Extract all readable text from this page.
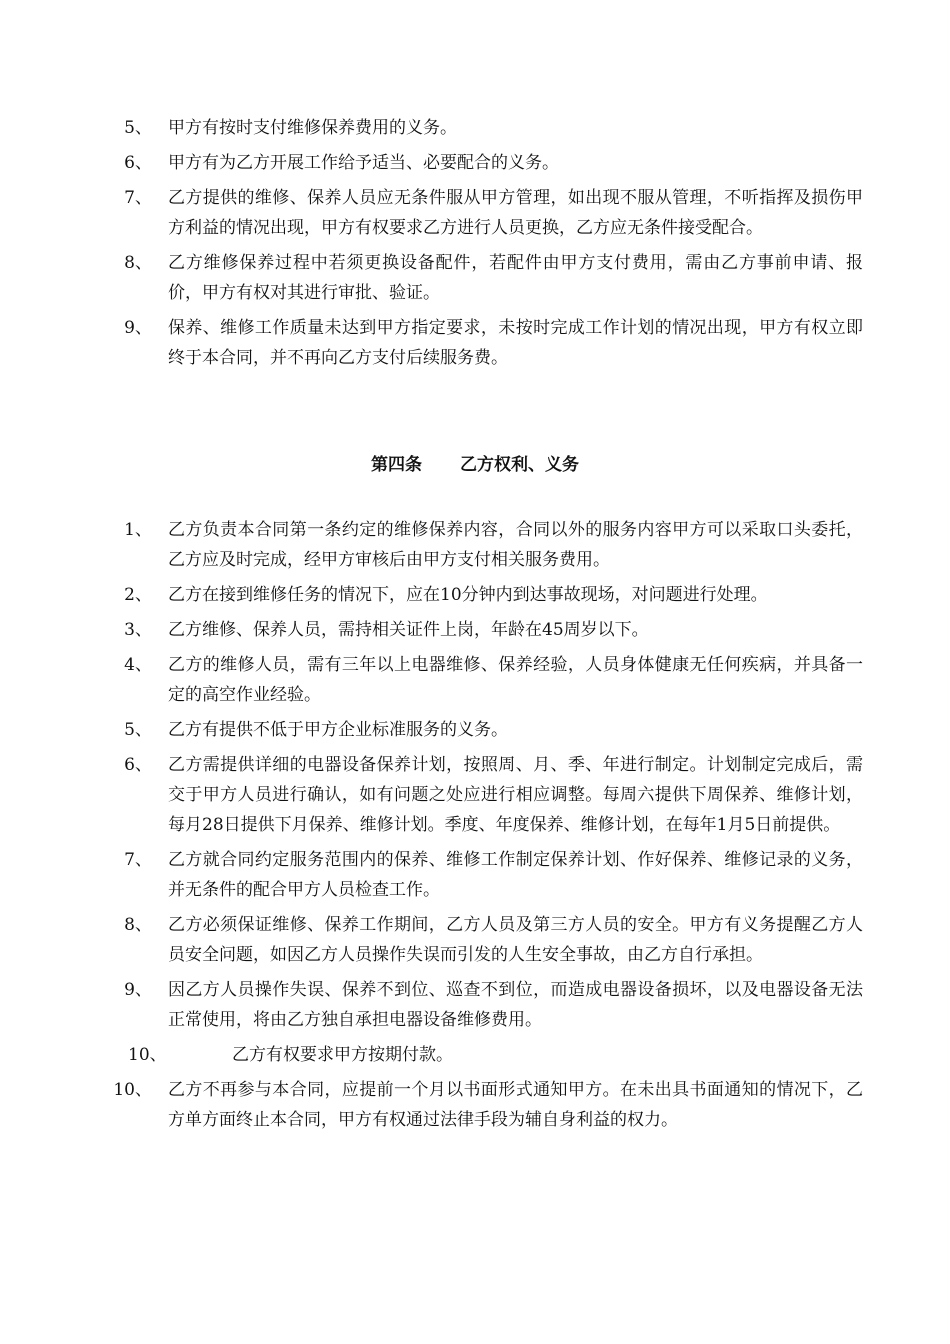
5、 甲方有按时支付维修保养费用的义务。
6、 甲方有为乙方开展工作给予适当、必要配合的义务。
7、 乙方提供的维修、保养人员应无条件服从甲方管理，如出现不服从管理，不听指挥及损伤甲方利益的情况出现，甲方有权要求乙方进行人员更换，乙方应无条件接受配合。
8、 乙方维修保养过程中若须更换设备配件，若配件由甲方支付费用，需由乙方事前申请、报价，甲方有权对其进行审批、验证。
9、 保养、维修工作质量未达到甲方指定要求，未按时完成工作计划的情况出现，甲方有权立即终于本合同，并不再向乙方支付后续服务费。
第四条 乙方权利、义务
1、 乙方负责本合同第一条约定的维修保养内容，合同以外的服务内容甲方可以采取口头委托，乙方应及时完成，经甲方审核后由甲方支付相关服务费用。
2、 乙方在接到维修任务的情况下，应在10分钟内到达事故现场，对问题进行处理。
3、 乙方维修、保养人员，需持相关证件上岗，年龄在45周岁以下。
4、 乙方的维修人员，需有三年以上电器维修、保养经验，人员身体健康无任何疾病，并具备一定的高空作业经验。
5、 乙方有提供不低于甲方企业标准服务的义务。
6、 乙方需提供详细的电器设备保养计划，按照周、月、季、年进行制定。计划制定完成后，需交于甲方人员进行确认，如有问题之处应进行相应调整。每周六提供下周保养、维修计划，每月28日提供下月保养、维修计划。季度、年度保养、维修计划，在每年1月5日前提供。
7、 乙方就合同约定服务范围内的保养、维修工作制定保养计划、作好保养、维修记录的义务，并无条件的配合甲方人员检查工作。
8、 乙方必须保证维修、保养工作期间，乙方人员及第三方人员的安全。甲方有义务提醒乙方人员安全问题，如因乙方人员操作失误而引发的人生安全事故，由乙方自行承担。
9、 因乙方人员操作失误、保养不到位、巡查不到位，而造成电器设备损坏，以及电器设备无法正常使用，将由乙方独自承担电器设备维修费用。
10、	乙方有权要求甲方按期付款。
10、 乙方不再参与本合同，应提前一个月以书面形式通知甲方。在未出具书面通知的情况下，乙方单方面终止本合同，甲方有权通过法律手段为辅自身利益的权力。
